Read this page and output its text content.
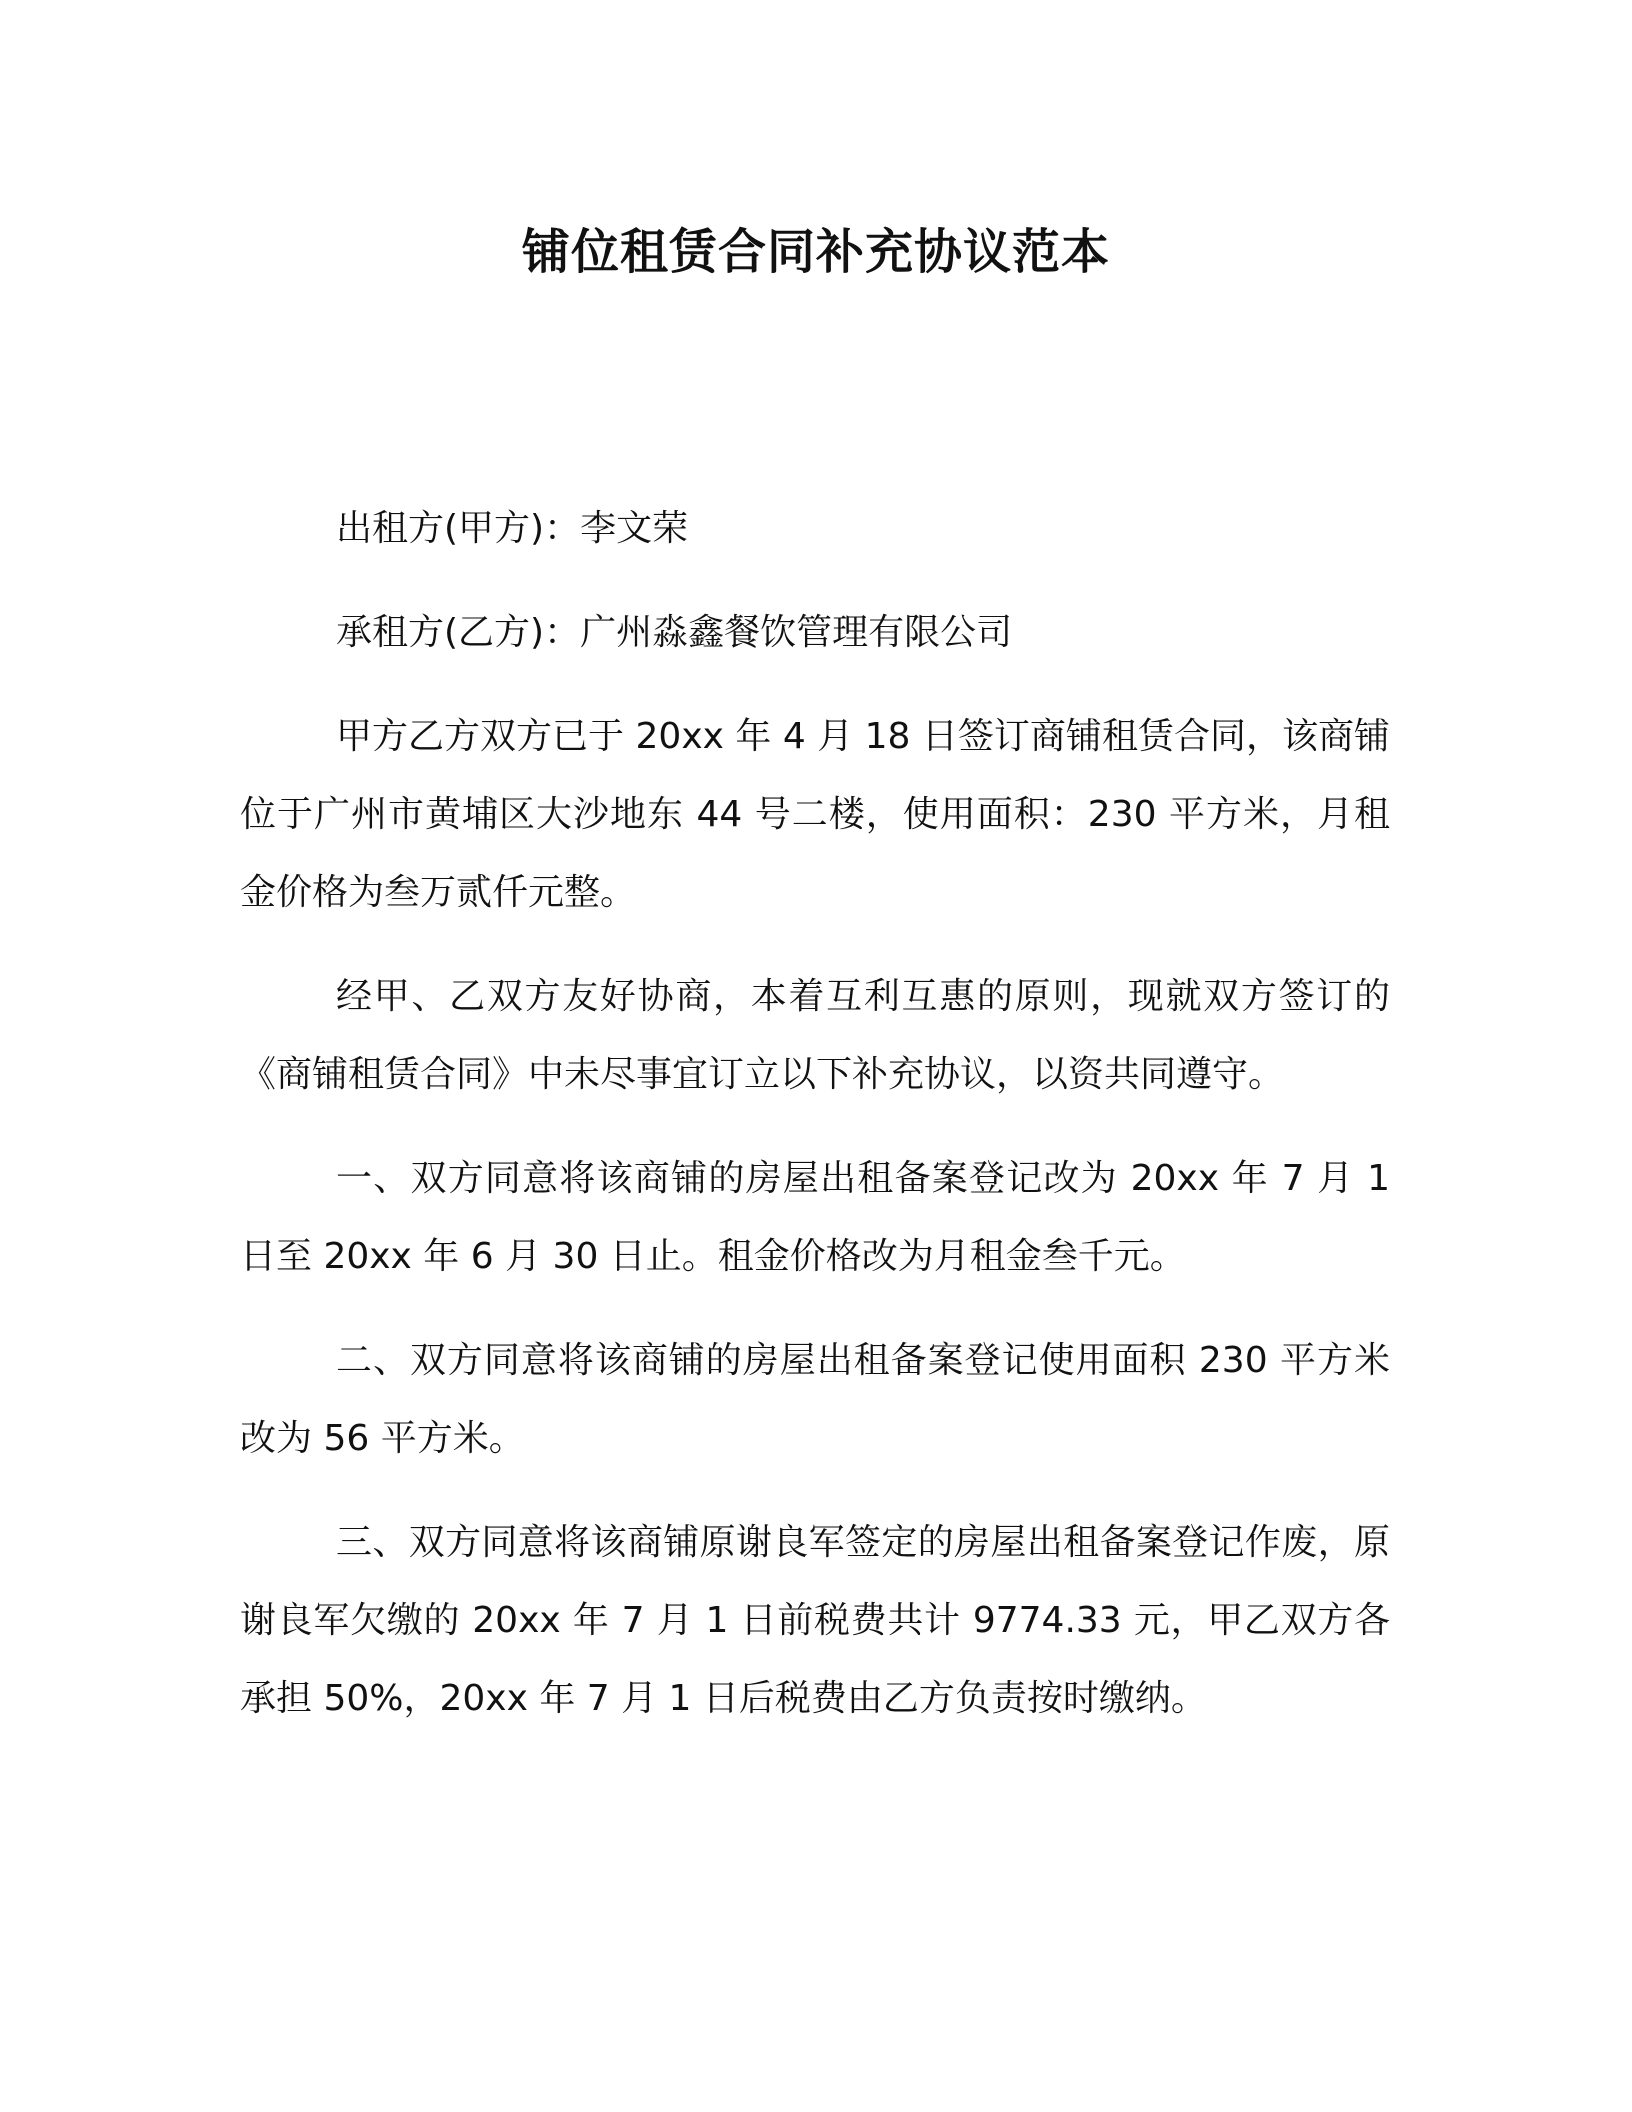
铺位租赁合同补充协议范本

出租方(甲方)：李文荣

承租方(乙方)：广州淼鑫餐饮管理有限公司

甲方乙方双方已于 20xx 年 4 月 18 日签订商铺租赁合同，该商铺位于广州市黄埔区大沙地东 44 号二楼，使用面积：230 平方米，月租金价格为叁万贰仟元整。

经甲、乙双方友好协商，本着互利互惠的原则，现就双方签订的《商铺租赁合同》中未尽事宜订立以下补充协议，以资共同遵守。

一、双方同意将该商铺的房屋出租备案登记改为 20xx 年 7 月 1 日至 20xx 年 6 月 30 日止。租金价格改为月租金叁千元。

二、双方同意将该商铺的房屋出租备案登记使用面积 230 平方米改为 56 平方米。

三、双方同意将该商铺原谢良军签定的房屋出租备案登记作废，原谢良军欠缴的 20xx 年 7 月 1 日前税费共计 9774.33 元，甲乙双方各承担 50%，20xx 年 7 月 1 日后税费由乙方负责按时缴纳。
